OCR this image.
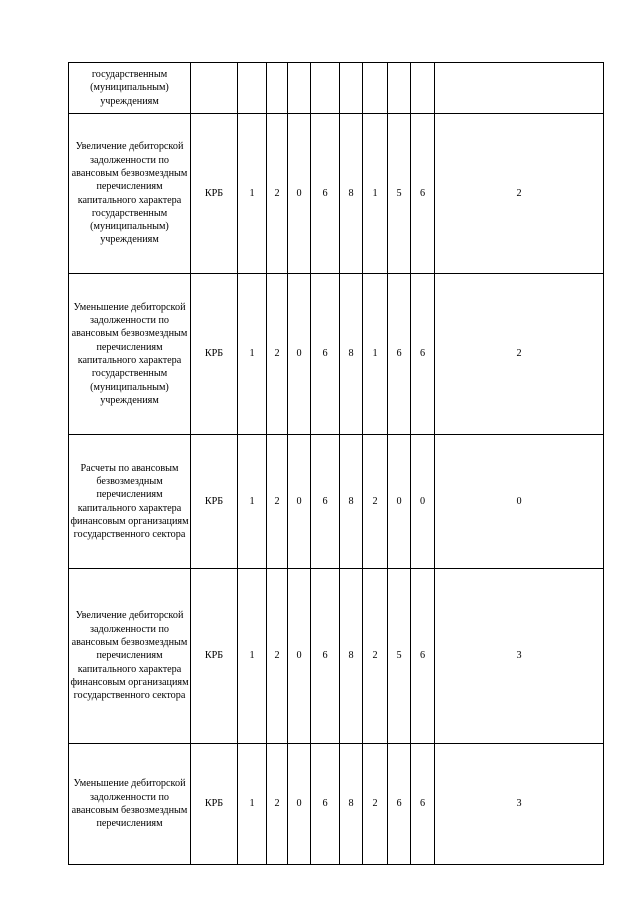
государственным (муниципальным) учреждениям											
Увеличение дебиторской задолженности по авансовым безвозмездным перечислениям капитального характера государственным (муниципальным) учреждениям	КРБ	1	2	0	6	8	1	5	6	2	
Уменьшение дебиторской задолженности по авансовым безвозмездным перечислениям капитального характера государственным (муниципальным) учреждениям	КРБ	1	2	0	6	8	1	6	6	2	
Расчеты по авансовым безвозмездным перечислениям капитального характера финансовым организациям государственного сектора	КРБ	1	2	0	6	8	2	0	0	0	
Увеличение дебиторской задолженности по авансовым безвозмездным перечислениям капитального характера финансовым организациям государственного сектора	КРБ	1	2	0	6	8	2	5	6	3	
Уменьшение дебиторской задолженности по авансовым безвозмездным перечислениям	КРБ	1	2	0	6	8	2	6	6	3	
